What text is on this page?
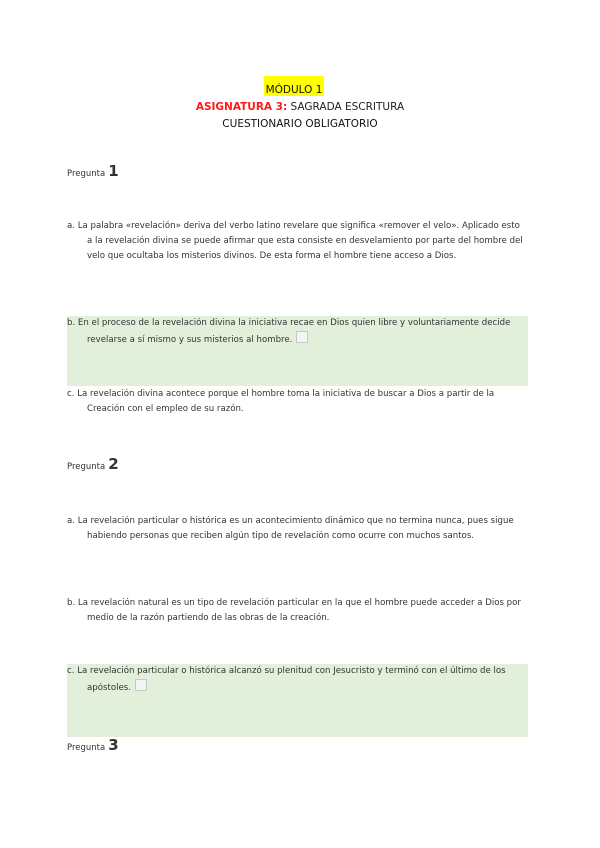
MÓDULO 1
ASIGNATURA 3: SAGRADA ESCRITURA
CUESTIONARIO OBLIGATORIO
Pregunta 1
a. La palabra «revelación» deriva del verbo latino revelare que significa «remover el velo». Aplicado esto a la revelación divina se puede afirmar que esta consiste en desvelamiento por parte del hombre del velo que ocultaba los misterios divinos. De esta forma el hombre tiene acceso a Dios.
b. En el proceso de la revelación divina la iniciativa recae en Dios quien libre y voluntariamente decide revelarse a sí mismo y sus misterios al hombre.
c. La revelación divina acontece porque el hombre toma la iniciativa de buscar a Dios a partir de la Creación con el empleo de su razón.
Pregunta 2
a. La revelación particular o histórica es un acontecimiento dinámico que no termina nunca, pues sigue habiendo personas que reciben algún tipo de revelación como ocurre con muchos santos.
b. La revelación natural es un tipo de revelación particular en la que el hombre puede acceder a Dios por medio de la razón partiendo de las obras de la creación.
c. La revelación particular o histórica alcanzó su plenitud con Jesucristo y terminó con el último de los apóstoles.
Pregunta 3
